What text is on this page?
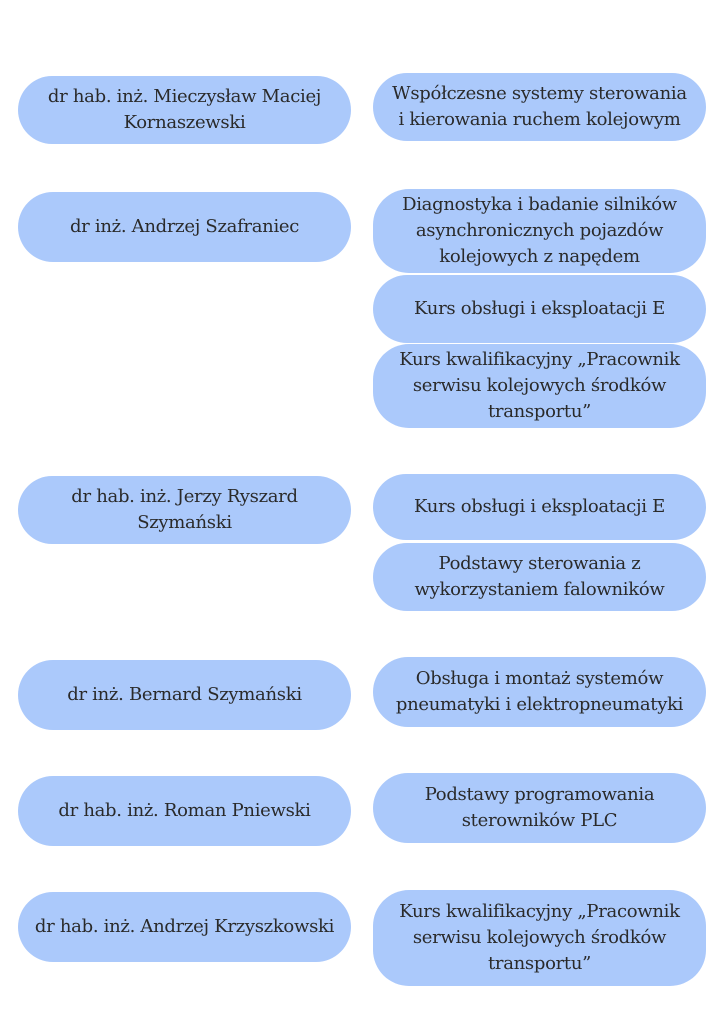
dr hab. inż. Mieczysław Maciej Kornaszewski
Współczesne systemy sterowania i kierowania ruchem kolejowym
dr inż. Andrzej Szafraniec
Diagnostyka i badanie silników asynchronicznych pojazdów kolejowych z napędem
Kurs obsługi i eksploatacji E
Kurs kwalifikacyjny „Pracownik serwisu kolejowych środków transportu”
dr hab. inż. Jerzy Ryszard Szymański
Kurs obsługi i eksploatacji E
Podstawy sterowania z wykorzystaniem falowników
dr inż. Bernard Szymański
Obsługa i montaż systemów pneumatyki i elektropneumatyki
dr hab. inż. Roman Pniewski
Podstawy programowania sterowników PLC
dr hab. inż. Andrzej Krzyszkowski
Kurs kwalifikacyjny „Pracownik serwisu kolejowych środków transportu”
